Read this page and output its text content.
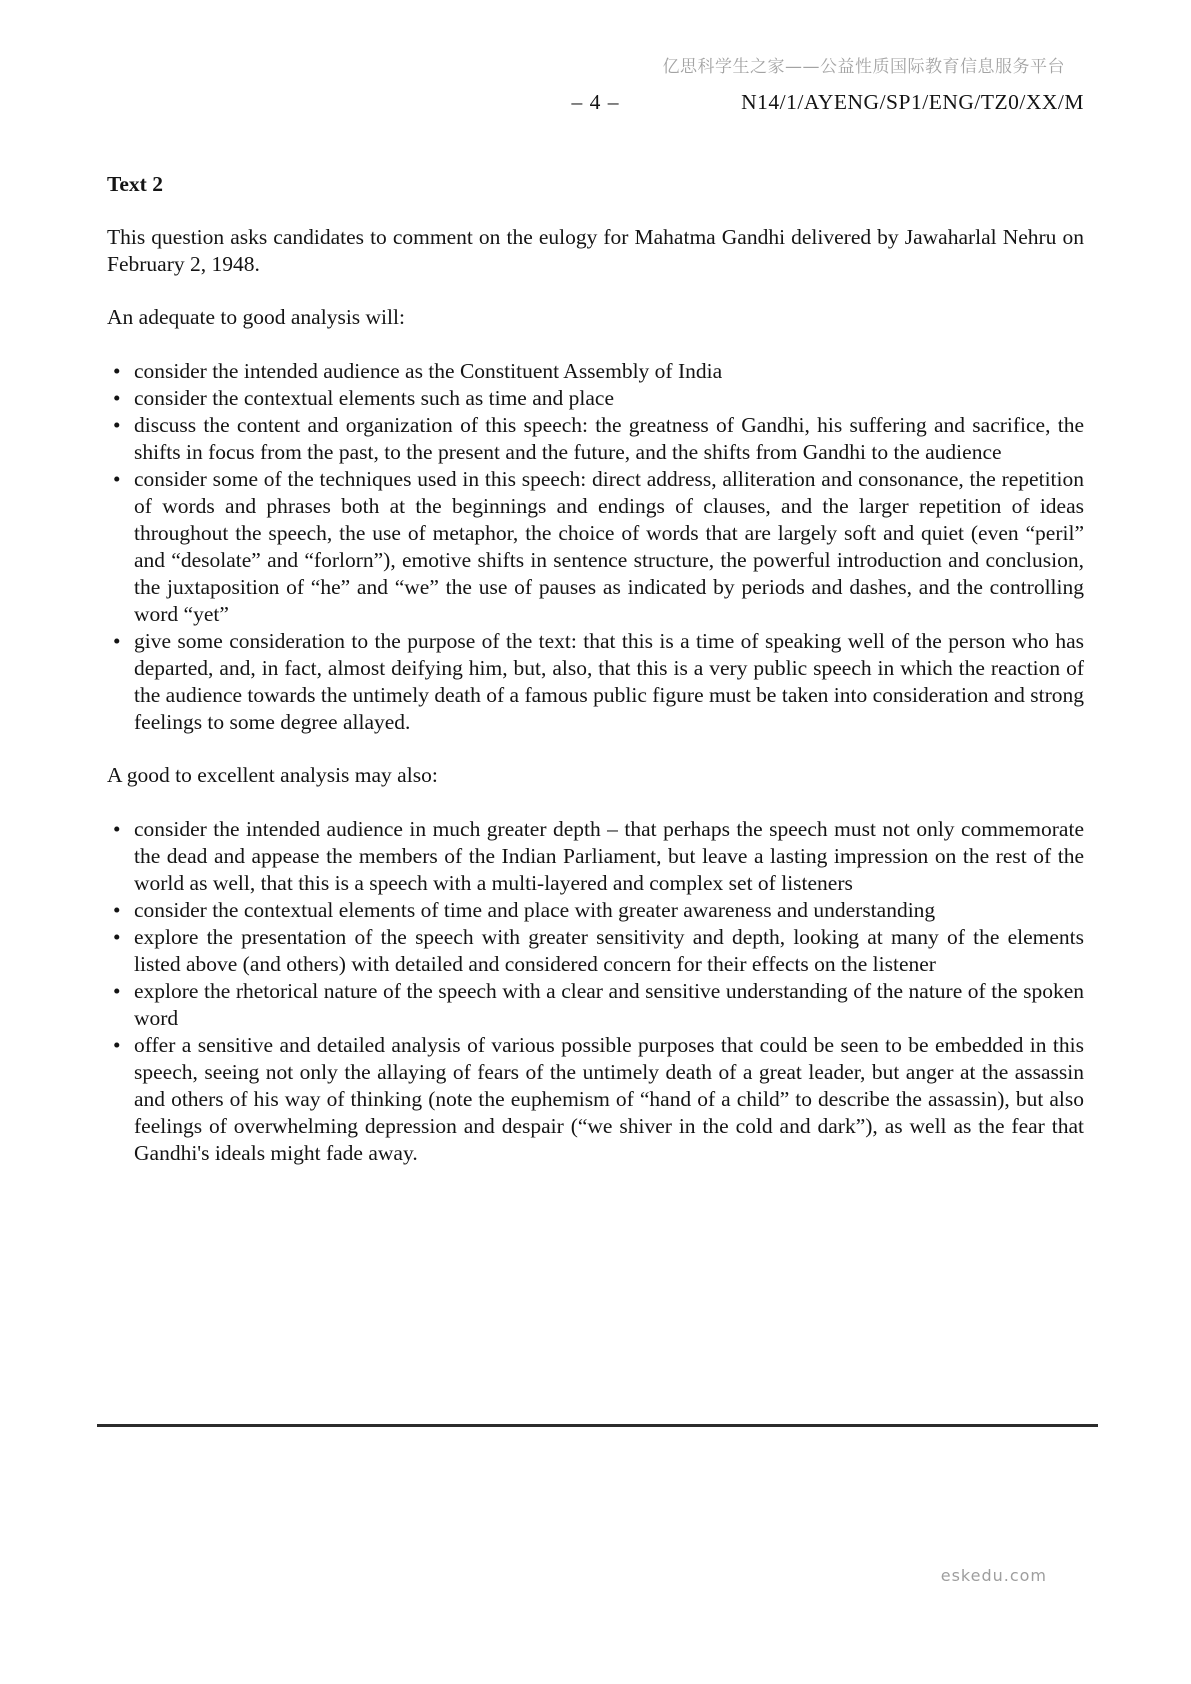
亿思科学生之家——公益性质国际教育信息服务平台
– 4 –	N14/1/AYENG/SP1/ENG/TZ0/XX/M

Text 2

This question asks candidates to comment on the eulogy for Mahatma Gandhi delivered by Jawaharlal Nehru on February 2, 1948.

An adequate to good analysis will:

• consider the intended audience as the Constituent Assembly of India
• consider the contextual elements such as time and place
• discuss the content and organization of this speech: the greatness of Gandhi, his suffering and sacrifice, the shifts in focus from the past, to the present and the future, and the shifts from Gandhi to the audience
• consider some of the techniques used in this speech: direct address, alliteration and consonance, the repetition of words and phrases both at the beginnings and endings of clauses, and the larger repetition of ideas throughout the speech, the use of metaphor, the choice of words that are largely soft and quiet (even “peril” and “desolate” and “forlorn”), emotive shifts in sentence structure, the powerful introduction and conclusion, the juxtaposition of “he” and “we” the use of pauses as indicated by periods and dashes, and the controlling word “yet”
• give some consideration to the purpose of the text: that this is a time of speaking well of the person who has departed, and, in fact, almost deifying him, but, also, that this is a very public speech in which the reaction of the audience towards the untimely death of a famous public figure must be taken into consideration and strong feelings to some degree allayed.

A good to excellent analysis may also:

• consider the intended audience in much greater depth – that perhaps the speech must not only commemorate the dead and appease the members of the Indian Parliament, but leave a lasting impression on the rest of the world as well, that this is a speech with a multi-layered and complex set of listeners
• consider the contextual elements of time and place with greater awareness and understanding
• explore the presentation of the speech with greater sensitivity and depth, looking at many of the elements listed above (and others) with detailed and considered concern for their effects on the listener
• explore the rhetorical nature of the speech with a clear and sensitive understanding of the nature of the spoken word
• offer a sensitive and detailed analysis of various possible purposes that could be seen to be embedded in this speech, seeing not only the allaying of fears of the untimely death of a great leader, but anger at the assassin and others of his way of thinking (note the euphemism of “hand of a child” to describe the assassin), but also feelings of overwhelming depression and despair (“we shiver in the cold and dark”), as well as the fear that Gandhi's ideals might fade away.
eskedu.com
